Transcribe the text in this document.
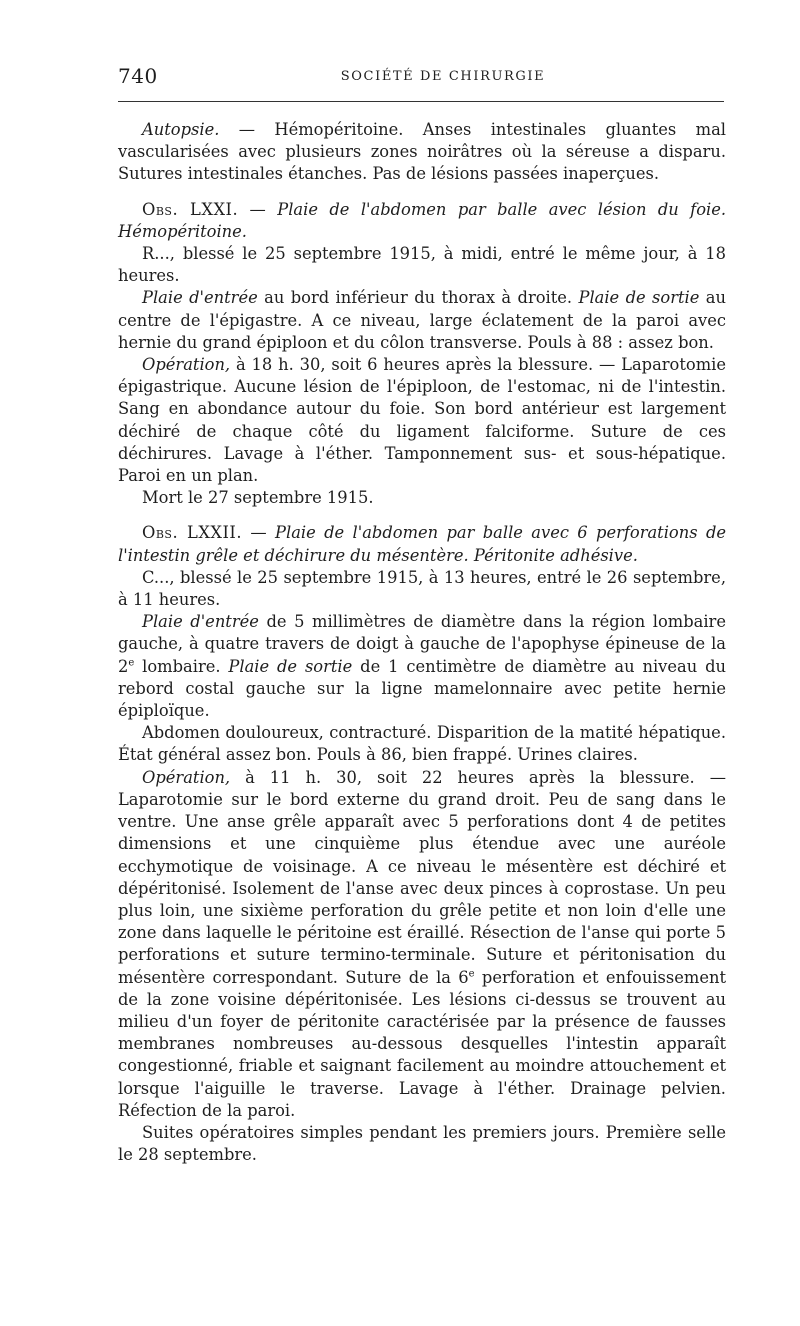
740	SOCIÉTÉ DE CHIRURGIE

Autopsie. — Hémopéritoine. Anses intestinales gluantes mal vascularisées avec plusieurs zones noirâtres où la séreuse a disparu. Sutures intestinales étanches. Pas de lésions passées inaperçues.

Obs. LXXI. — Plaie de l'abdomen par balle avec lésion du foie. Hémopéritoine.

R..., blessé le 25 septembre 1915, à midi, entré le même jour, à 18 heures.

Plaie d'entrée au bord inférieur du thorax à droite. Plaie de sortie au centre de l'épigastre. A ce niveau, large éclatement de la paroi avec hernie du grand épiploon et du côlon transverse. Pouls à 88 : assez bon.

Opération, à 18 h. 30, soit 6 heures après la blessure. — Laparotomie épigastrique. Aucune lésion de l'épiploon, de l'estomac, ni de l'intestin. Sang en abondance autour du foie. Son bord antérieur est largement déchiré de chaque côté du ligament falciforme. Suture de ces déchirures. Lavage à l'éther. Tamponnement sus- et sous-hépatique. Paroi en un plan.

Mort le 27 septembre 1915.

Obs. LXXII. — Plaie de l'abdomen par balle avec 6 perforations de l'intestin grêle et déchirure du mésentère. Péritonite adhésive.

C..., blessé le 25 septembre 1915, à 13 heures, entré le 26 septembre, à 11 heures.

Plaie d'entrée de 5 millimètres de diamètre dans la région lombaire gauche, à quatre travers de doigt à gauche de l'apophyse épineuse de la 2e lombaire. Plaie de sortie de 1 centimètre de diamètre au niveau du rebord costal gauche sur la ligne mamelonnaire avec petite hernie épiploïque.

Abdomen douloureux, contracturé. Disparition de la matité hépatique. État général assez bon. Pouls à 86, bien frappé. Urines claires.

Opération, à 11 h. 30, soit 22 heures après la blessure. — Laparotomie sur le bord externe du grand droit. Peu de sang dans le ventre. Une anse grêle apparaît avec 5 perforations dont 4 de petites dimensions et une cinquième plus étendue avec une auréole ecchymotique de voisinage. A ce niveau le mésentère est déchiré et dépéritonisé. Isolement de l'anse avec deux pinces à coprostase. Un peu plus loin, une sixième perforation du grêle petite et non loin d'elle une zone dans laquelle le péritoine est éraillé. Résection de l'anse qui porte 5 perforations et suture termino-terminale. Suture et péritonisation du mésentère correspondant. Suture de la 6e perforation et enfouissement de la zone voisine dépéritonisée. Les lésions ci-dessus se trouvent au milieu d'un foyer de péritonite caractérisée par la présence de fausses membranes nombreuses au-dessous desquelles l'intestin apparaît congestionné, friable et saignant facilement au moindre attouchement et lorsque l'aiguille le traverse. Lavage à l'éther. Drainage pelvien. Réfection de la paroi.

Suites opératoires simples pendant les premiers jours. Première selle le 28 septembre.
